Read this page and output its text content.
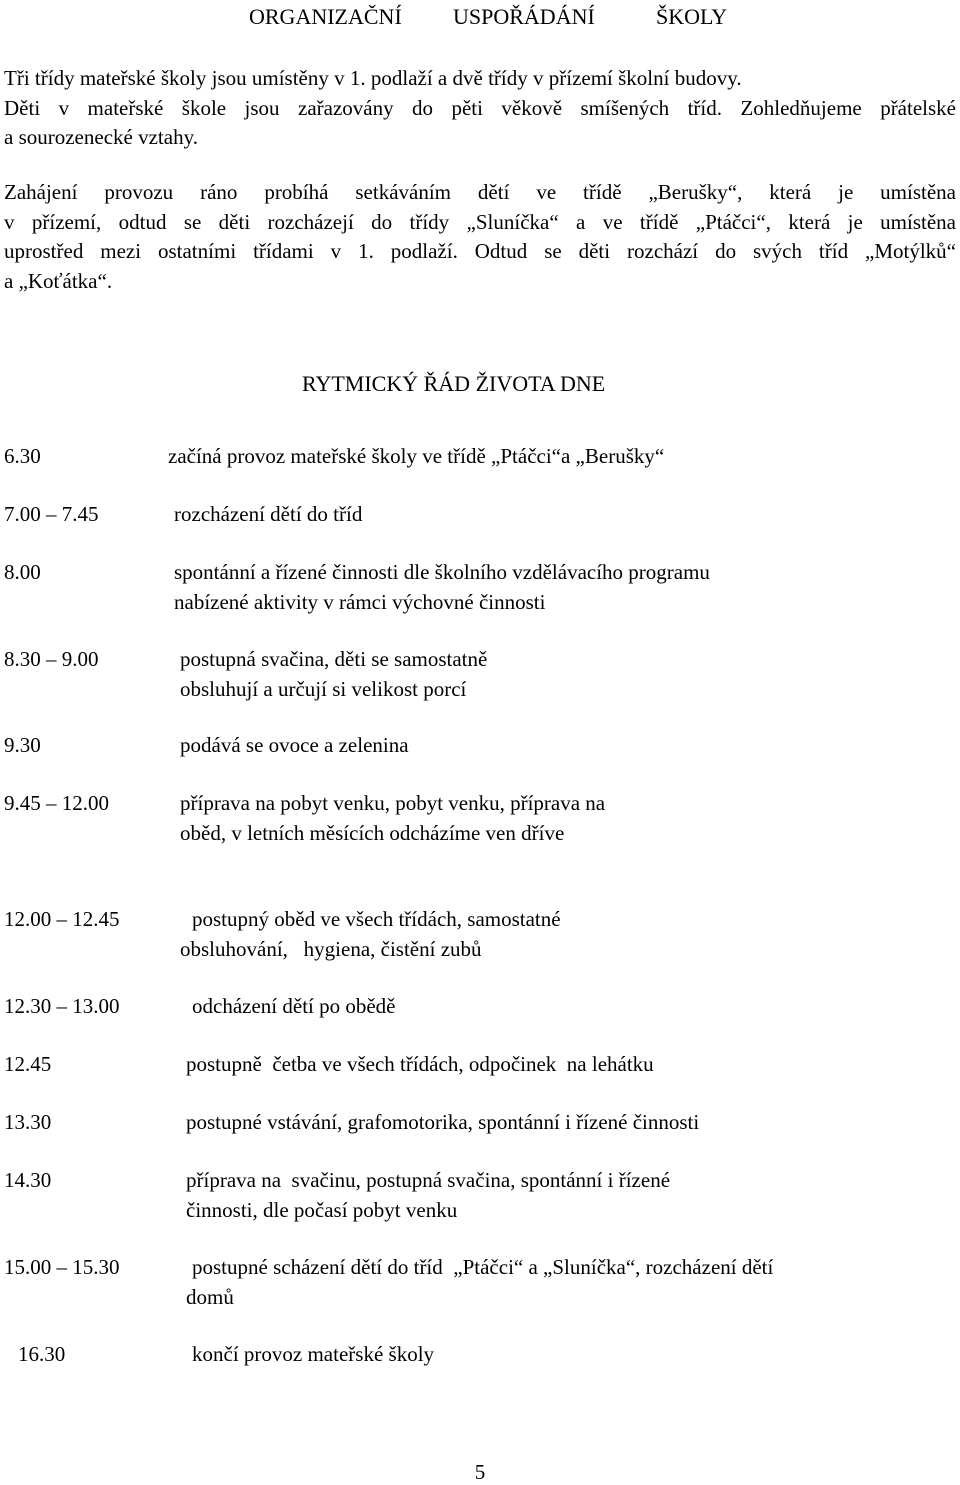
ORGANIZAČNÍ USPOŘÁDÁNÍ	ŠKOLY
Tři třídy mateřské školy jsou umístěny v 1. podlaží a dvě třídy v přízemí školní budovy.
Děti v mateřské škole jsou zařazovány do pěti věkově smíšených tříd. Zohledňujeme přátelské
a sourozenecké vztahy.
Zahájení provozu ráno probíhá setkáváním dětí ve třídě „Berušky“, která je umístěna
v přízemí, odtud se děti rozcházejí do třídy „Sluníčka“ a ve třídě „Ptáčci“, která je umístěna
uprostřed mezi ostatními třídami v 1. podlaží. Odtud se děti rozchází do svých tříd „Motýlků“
a „Koťátka“.
RYTMICKÝ ŘÁD ŽIVOTA DNE
6.30	začíná provoz mateřské školy ve třídě „Ptáčci“a „Berušky“
7.00 – 7.45	rozcházení dětí do tříd
8.00	spontánní a řízené činnosti dle školního vzdělávacího programu
nabízené aktivity v rámci výchovné činnosti
8.30 – 9.00	postupná svačina, děti se samostatně
obsluhují a určují si velikost porcí
9.30	podává se ovoce a zelenina
9.45 – 12.00	příprava na pobyt venku, pobyt venku, příprava na
oběd, v letních měsících odcházíme ven dříve
12.00 – 12.45	postupný oběd ve všech třídách, samostatné
obsluhování,   hygiena, čistění zubů
12.30 – 13.00	odcházení dětí po obědě
12.45	postupně  četba ve všech třídách, odpočinek  na lehátku
13.30	postupné vstávání, grafomotorika, spontánní i řízené činnosti
14.30	příprava na  svačinu, postupná svačina, spontánní i řízené
činnosti, dle počasí pobyt venku
15.00 – 15.30	postupné scházení dětí do tříd  „Ptáčci“ a „Sluníčka“, rozcházení dětí
domů
16.30	končí provoz mateřské školy
5
